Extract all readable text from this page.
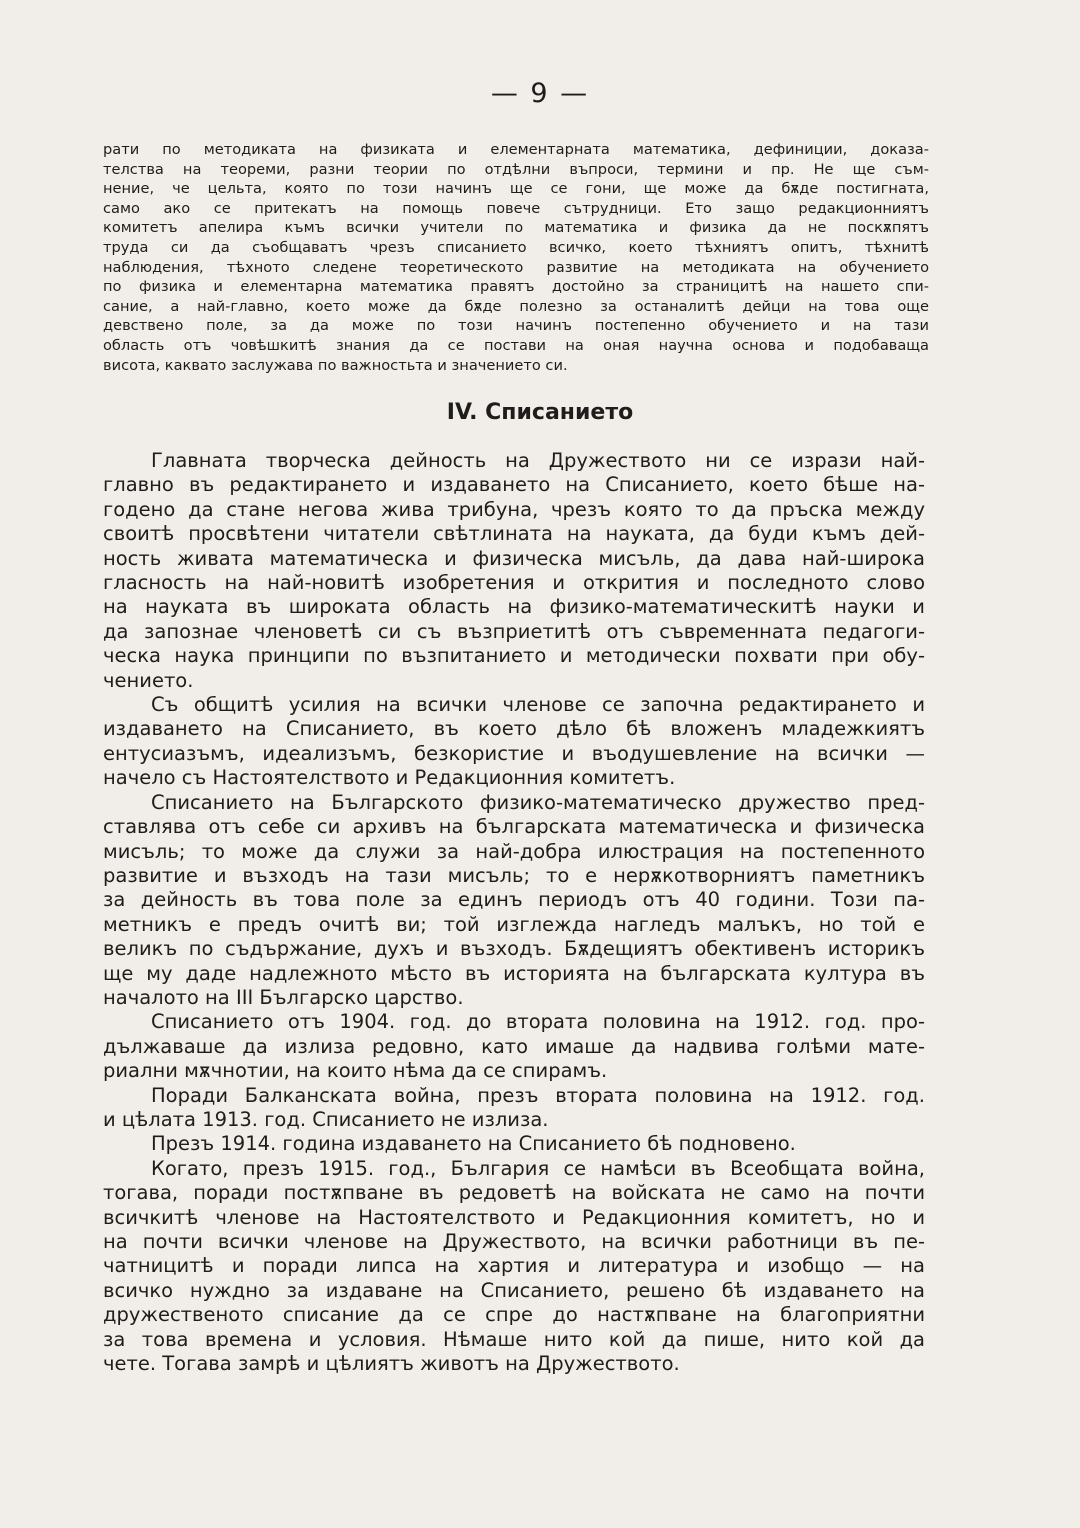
— 9 —
рати по методиката на физиката и елементарната математика, дефиниции, доказа-
телства на теореми, разни теории по отдѣлни въпроси, термини и пр. Не ще съм-
нение, че цельта, която по този начинъ ще се гони, ще може да бѫде постигната,
само ако се притекатъ на помощь повече сътрудници. Ето защо редакционниятъ
комитетъ апелира къмъ всички учители по математика и физика да не поскѫпятъ
труда си да съобщаватъ чрезъ списанието всичко, което тѣхниятъ опитъ, тѣхнитѣ
наблюдения, тѣхното следене теоретическото развитие на методиката на обучението
по физика и елементарна математика правятъ достойно за страницитѣ на нашето спи-
сание, а най-главно, което може да бѫде полезно за останалитѣ дейци на това още
девствено поле, за да може по този начинъ постепенно обучението и на тази
область отъ човѣшкитѣ знания да се постави на оная научна основа и подобаваща
висота, каквато заслужава по важностьта и значението си.
IV. Списанието
Главната творческа дейность на Дружеството ни се изрази най-
главно въ редактирането и издаването на Списанието, което бѣше на-
годено да стане негова жива трибуна, чрезъ която то да пръска между
своитѣ просвѣтени читатели свѣтлината на науката, да буди къмъ дей-
ность живата математическа и физическа мисъль, да дава най-широка
гласность на най-новитѣ изобретения и открития и последното слово
на науката въ широката область на физико-математическитѣ науки и
да запознае членоветѣ си съ възприетитѣ отъ съвременната педагоги-
ческа наука принципи по възпитанието и методически похвати при обу-
чението.
Съ общитѣ усилия на всички членове се започна редактирането и
издаването на Списанието, въ което дѣло бѣ вложенъ младежкиятъ
ентусиазъмъ, идеализъмъ, безкористие и въодушевление на всички —
начело съ Настоятелството и Редакционния комитетъ.
Списанието на Българското физико-математическо дружество пред-
ставлява отъ себе си архивъ на българската математическа и физическа
мисъль; то може да служи за най-добра илюстрация на постепенното
развитие и възходъ на тази мисъль; то е нерѫкотворниятъ паметникъ
за дейность въ това поле за единъ периодъ отъ 40 години. Този па-
метникъ е предъ очитѣ ви; той изглежда нагледъ малъкъ, но той е
великъ по съдържание, духъ и възходъ. Бѫдещиятъ обективенъ историкъ
ще му даде надлежното мѣсто въ историята на българската култура въ
началото на III Българско царство.
Списанието отъ 1904. год. до втората половина на 1912. год. про-
дължаваше да излиза редовно, като имаше да надвива голѣми мате-
риални мѫчнотии, на които нѣма да се спирамъ.
Поради Балканската война, презъ втората половина на 1912. год.
и цѣлата 1913. год. Списанието не излиза.
Презъ 1914. година издаването на Списанието бѣ подновено.
Когато, презъ 1915. год., България се намѣси въ Всеобщата война,
тогава, поради постѫпване въ редоветѣ на войската не само на почти
всичкитѣ членове на Настоятелството и Редакционния комитетъ, но и
на почти всички членове на Дружеството, на всички работници въ пе-
чатницитѣ и поради липса на хартия и литература и изобщо — на
всичко нуждно за издаване на Списанието, решено бѣ издаването на
дружественото списание да се спре до настѫпване на благоприятни
за това времена и условия. Нѣмаше нито кой да пише, нито кой да
чете. Тогава замрѣ и цѣлиятъ животъ на Дружеството.
